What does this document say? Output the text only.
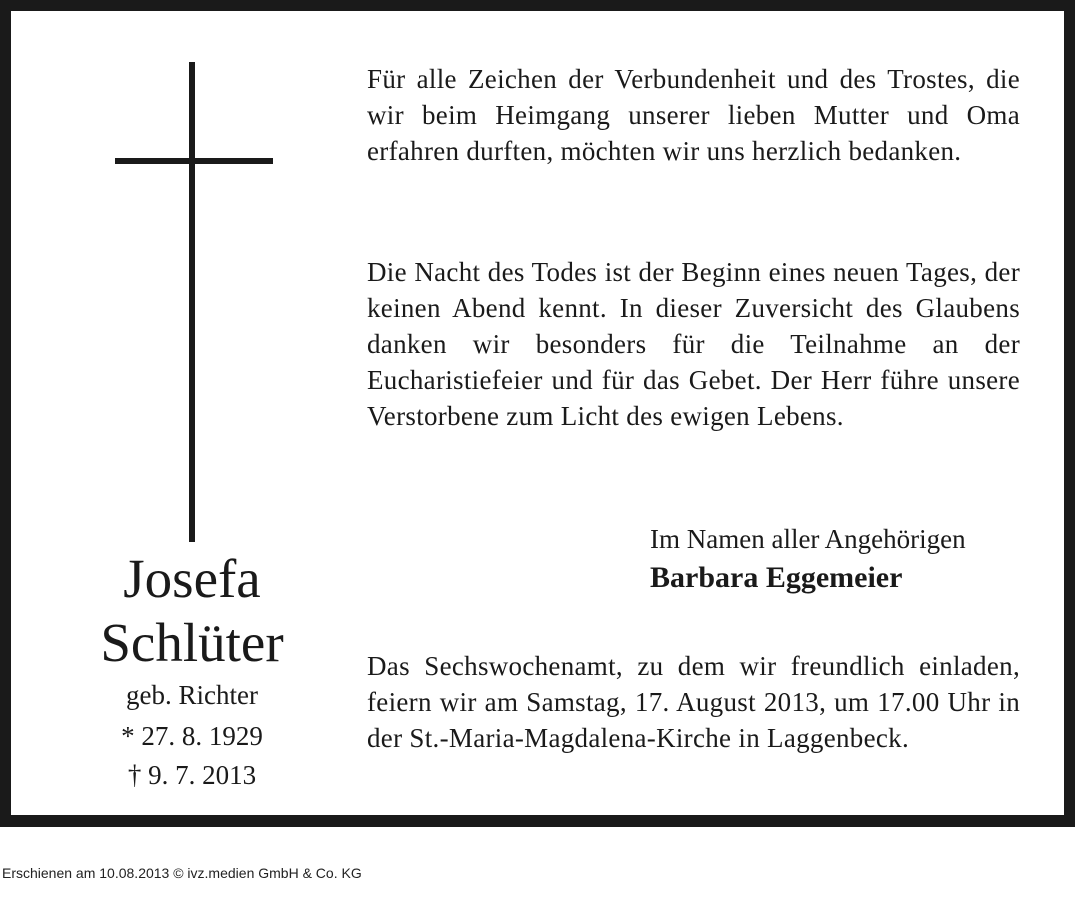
Josefa
Schlüter
geb. Richter
* 27. 8. 1929
† 9. 7. 2013

Für alle Zeichen der Verbundenheit und des Trostes, die wir beim Heimgang unserer lieben Mutter und Oma erfahren durften, möchten wir uns herzlich bedanken.

Die Nacht des Todes ist der Beginn eines neuen Tages, der keinen Abend kennt. In dieser Zuversicht des Glaubens danken wir besonders für die Teilnahme an der Eucharistiefeier und für das Gebet. Der Herr führe unsere Verstorbene zum Licht des ewigen Lebens.

Im Namen aller Angehörigen
Barbara Eggemeier

Das Sechswochenamt, zu dem wir freundlich einladen, feiern wir am Samstag, 17. August 2013, um 17.00 Uhr in der St.-Maria-Magdalena-Kirche in Laggenbeck.

Erschienen am 10.08.2013 © ivz.medien GmbH & Co. KG
